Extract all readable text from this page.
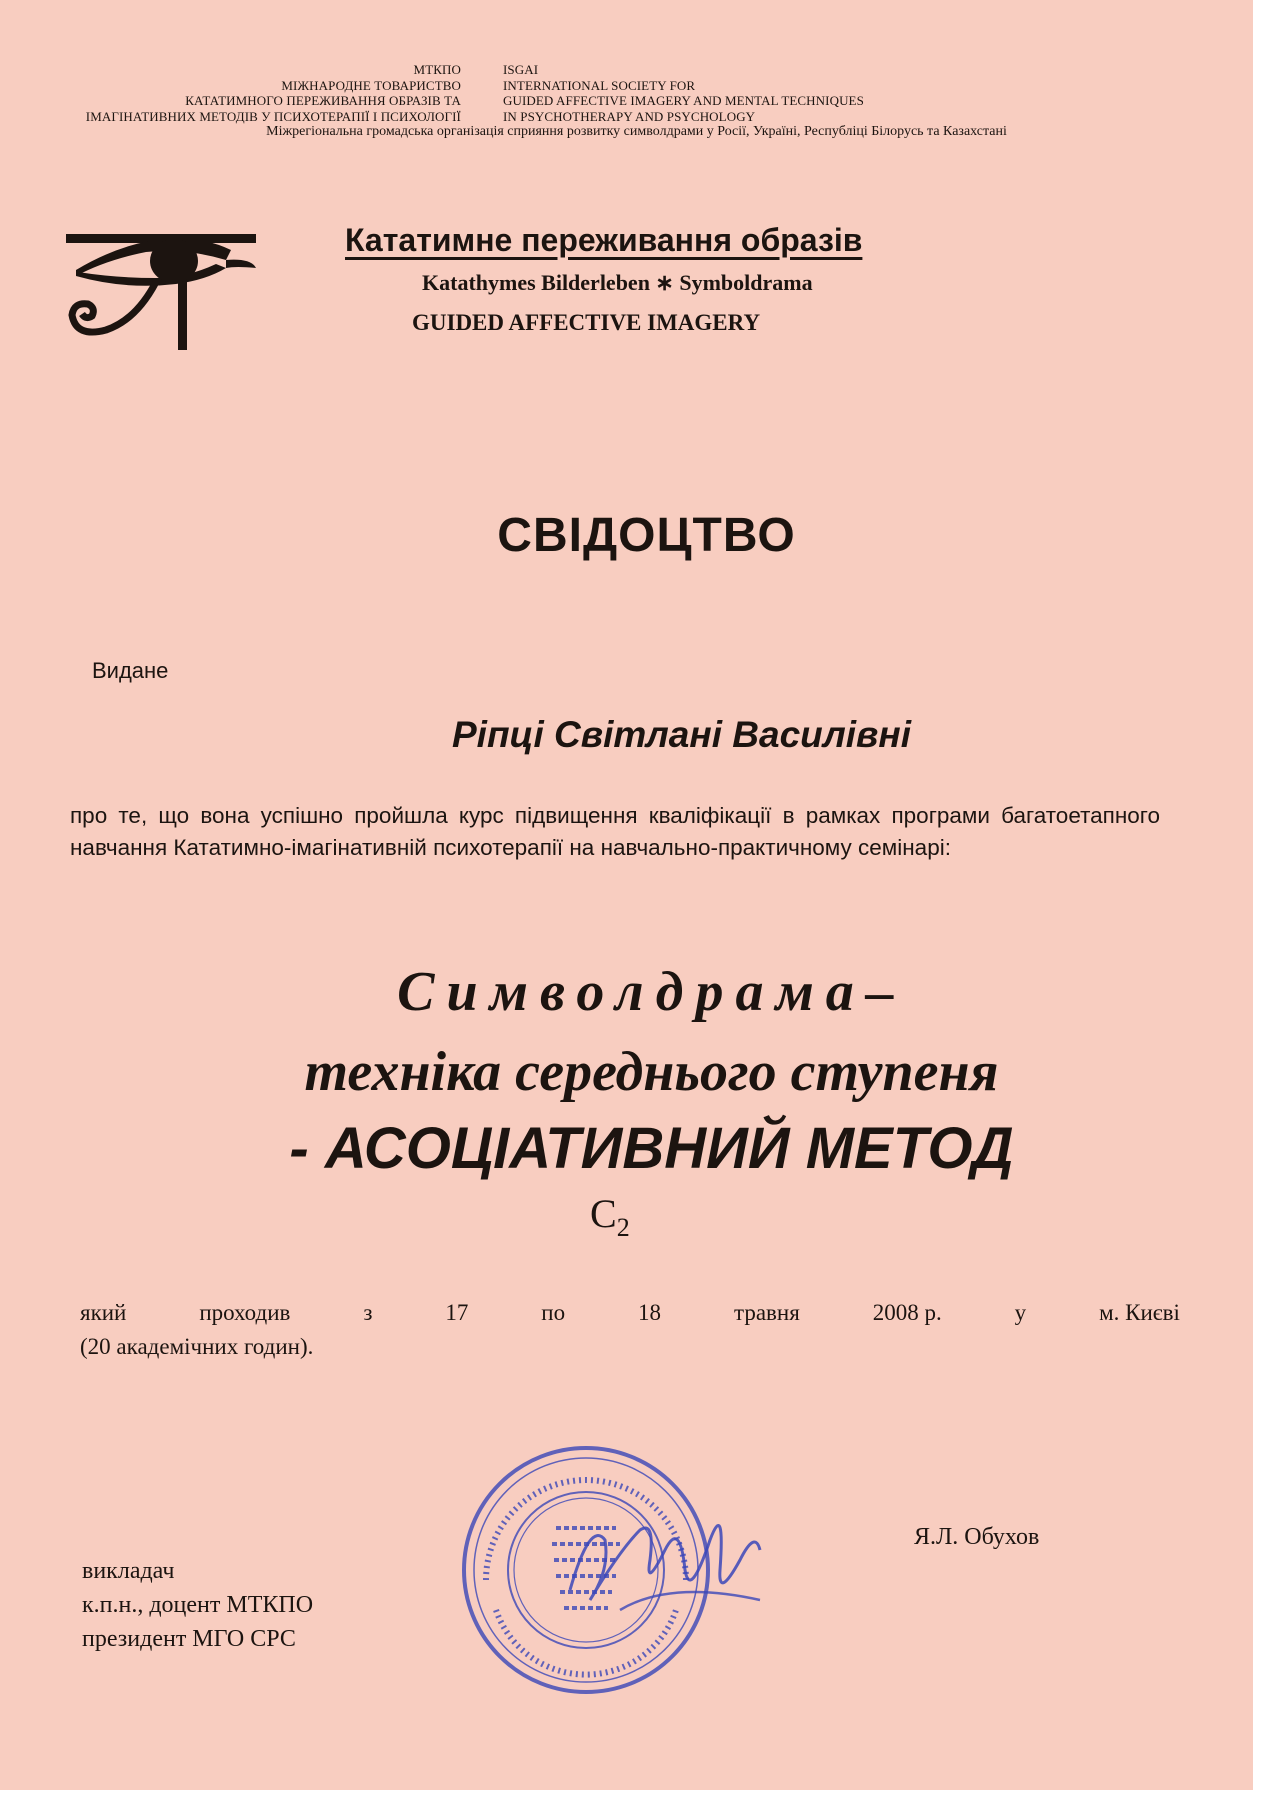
МТКПО
МІЖНАРОДНЕ ТОВАРИСТВО
КАТАТИМНОГО ПЕРЕЖИВАННЯ ОБРАЗІВ ТА
ІМАГІНАТИВНИХ МЕТОДІВ У ПСИХОТЕРАПІЇ І ПСИХОЛОГІЇ
ISGAI
INTERNATIONAL SOCIETY FOR
GUIDED AFFECTIVE IMAGERY AND MENTAL TECHNIQUES
IN PSYCHOTHERAPY AND PSYCHOLOGY
Міжрегіональна громадська організація сприяння розвитку символдрами у Росії, Україні, Республіці Білорусь та Казахстані
Кататимне переживання образів
Katathymes Bilderleben ∗ Symboldrama
GUIDED AFFECTIVE IMAGERY
СВІДОЦТВО
Видане
Ріпці Світлані Василівні
про те, що вона успішно пройшла курс підвищення кваліфікації в рамках програми багатоетапного навчання Кататимно-імагінативній психотерапії на навчально-практичному семінарі:
Символдрама–
техніка середнього ступеня
- АСОЦІАТИВНИЙ МЕТОД
$С_2$
який	проходив	з	17	по	18	травня	2008 р.	у	м. Києві
(20 академічних годин).
викладач
к.п.н., доцент МТКПО
президент МГО СРС
Я.Л. Обухов
